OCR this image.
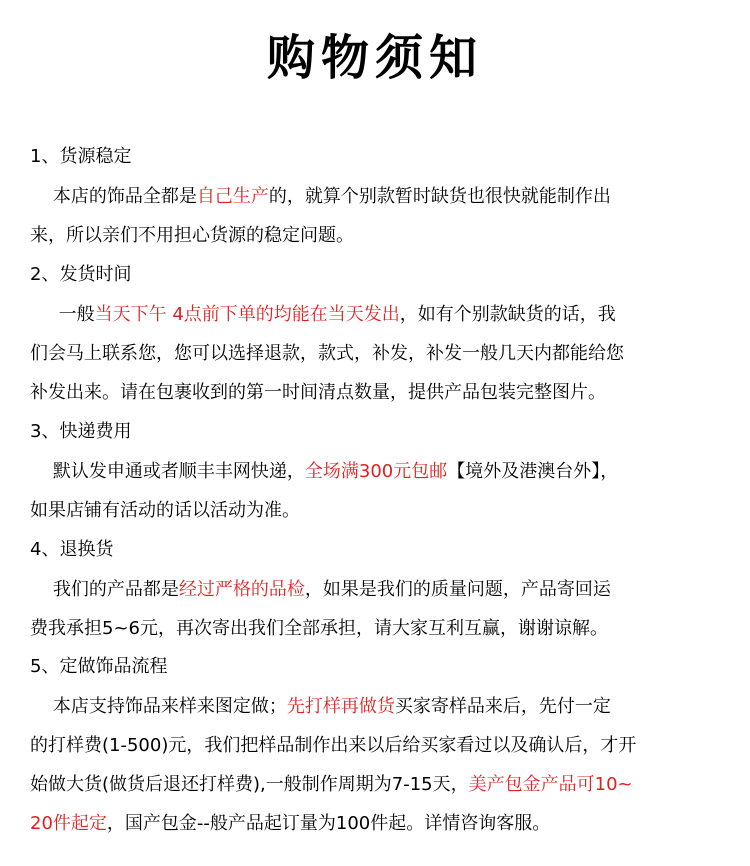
购物须知
1、货源稳定
本店的饰品全都是自己生产的，就算个别款暂时缺货也很快就能制作出
来，所以亲们不用担心货源的稳定问题。
2、发货时间
一般当天下午 4点前下单的均能在当天发出，如有个别款缺货的话，我
们会马上联系您，您可以选择退款，款式，补发，补发一般几天内都能给您
补发出来。请在包裹收到的第一时间清点数量，提供产品包装完整图片。
3、快递费用
默认发申通或者顺丰丰网快递，全场满300元包邮【境外及港澳台外】，
如果店铺有活动的话以活动为准。
4、退换货
我们的产品都是经过严格的品检，如果是我们的质量问题，产品寄回运
费我承担5~6元，再次寄出我们全部承担，请大家互利互赢，谢谢谅解。
5、定做饰品流程
本店支持饰品来样来图定做；先打样再做货买家寄样品来后，先付一定
的打样费(1-500)元，我们把样品制作出来以后给买家看过以及确认后，才开
始做大货(做货后退还打样费),一般制作周期为7-15天，美产包金产品可10~
20件起定，国产包金--般产品起订量为100件起。详情咨询客服。
